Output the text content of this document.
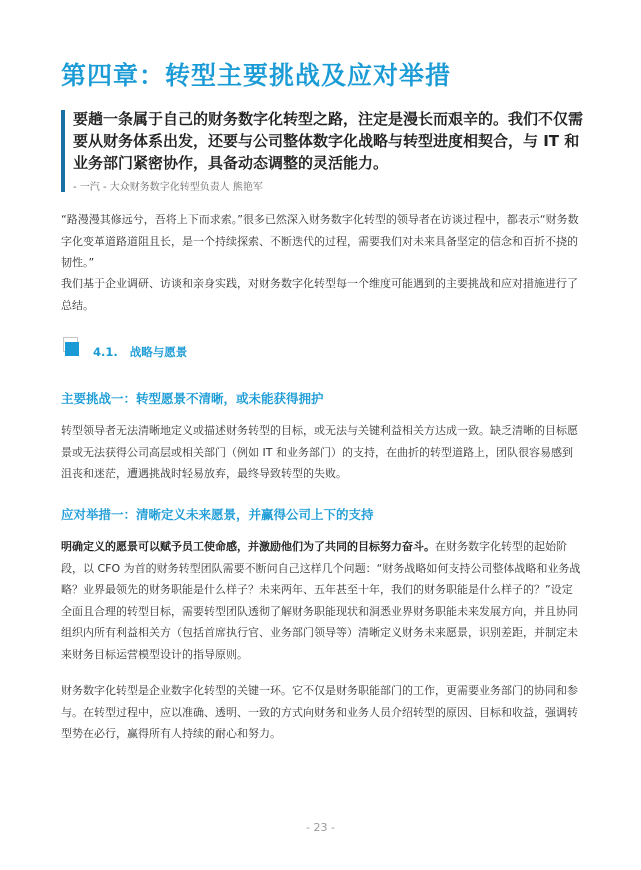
第四章：转型主要挑战及应对举措
要趟一条属于自己的财务数字化转型之路，注定是漫长而艰辛的。我们不仅需要从财务体系出发，还要与公司整体数字化战略与转型进度相契合，与 IT 和业务部门紧密协作，具备动态调整的灵活能力。
- 一汽 - 大众财务数字化转型负责人 熊艳军
“路漫漫其修远兮，吾将上下而求索。”很多已然深入财务数字化转型的领导者在访谈过程中，都表示“财务数字化变革道路道阻且长，是一个持续探索、不断迭代的过程，需要我们对未来具备坚定的信念和百折不挠的韧性。”
我们基于企业调研、访谈和亲身实践，对财务数字化转型每一个维度可能遇到的主要挑战和应对措施进行了总结。
4.1. 战略与愿景
主要挑战一：转型愿景不清晰，或未能获得拥护
转型领导者无法清晰地定义或描述财务转型的目标，或无法与关键利益相关方达成一致。缺乏清晰的目标愿景或无法获得公司高层或相关部门（例如 IT 和业务部门）的支持，在曲折的转型道路上，团队很容易感到沮丧和迷茫，遭遇挑战时轻易放弃，最终导致转型的失败。
应对举措一：清晰定义未来愿景，并赢得公司上下的支持
明确定义的愿景可以赋予员工使命感，并激励他们为了共同的目标努力奋斗。在财务数字化转型的起始阶段，以 CFO 为首的财务转型团队需要不断问自己这样几个问题：“财务战略如何支持公司整体战略和业务战略？业界最领先的财务职能是什么样子？未来两年、五年甚至十年，我们的财务职能是什么样子的？”设定全面且合理的转型目标，需要转型团队透彻了解财务职能现状和洞悉业界财务职能未来发展方向，并且协同组织内所有利益相关方（包括首席执行官、业务部门领导等）清晰定义财务未来愿景，识别差距，并制定未来财务目标运营模型设计的指导原则。
财务数字化转型是企业数字化转型的关键一环。它不仅是财务职能部门的工作，更需要业务部门的协同和参与。在转型过程中，应以准确、透明、一致的方式向财务和业务人员介绍转型的原因、目标和收益，强调转型势在必行，赢得所有人持续的耐心和努力。
- 23 -
